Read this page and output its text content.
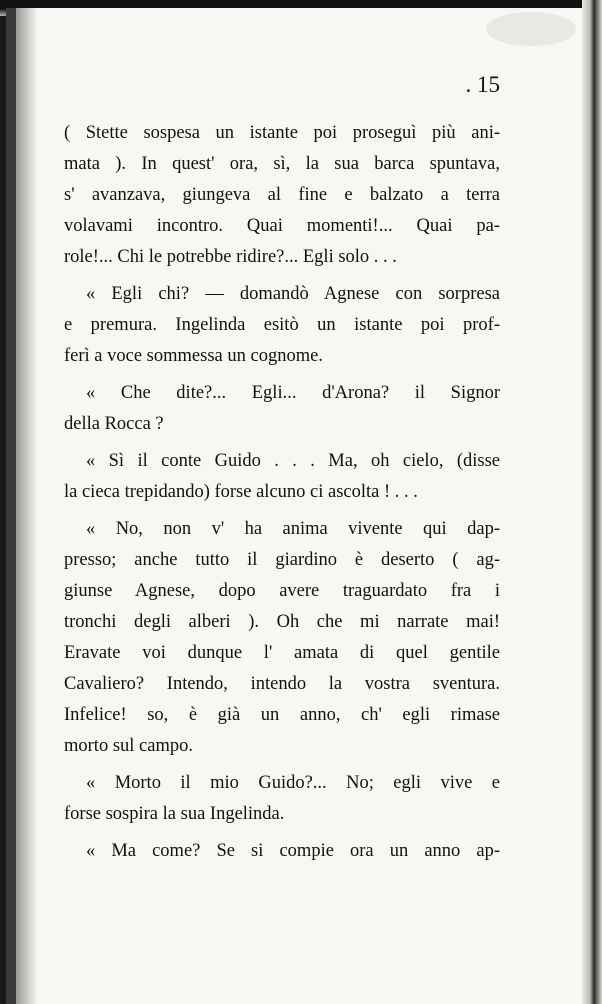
. 15
( Stette sospesa un istante poi proseguì più ani-
mata ). In quest' ora, sì, la sua barca spuntava,
s' avanzava, giungeva al fine e balzato a terra
volavami incontro. Quai momenti!... Quai pa-
role!... Chi le potrebbe ridire?... Egli solo . . .
« Egli chi? — domandò Agnese con sorpresa
e premura. Ingelinda esitò un istante poi prof-
ferì a voce sommessa un cognome.
« Che dite?... Egli... d'Arona? il Signor
della Rocca ?
« Sì il conte Guido . . . Ma, oh cielo, (disse
la cieca trepidando) forse alcuno ci ascolta ! . . .
« No, non v' ha anima vivente qui dap-
presso; anche tutto il giardino è deserto ( ag-
giunse Agnese, dopo avere traguardato fra i
tronchi degli alberi ). Oh che mi narrate mai!
Eravate voi dunque l' amata di quel gentile
Cavaliero? Intendo, intendo la vostra sventura.
Infelice! so, è già un anno, ch' egli rimase
morto sul campo.
« Morto il mio Guido?... No; egli vive e
forse sospira la sua Ingelinda.
« Ma come? Se si compie ora un anno ap-
